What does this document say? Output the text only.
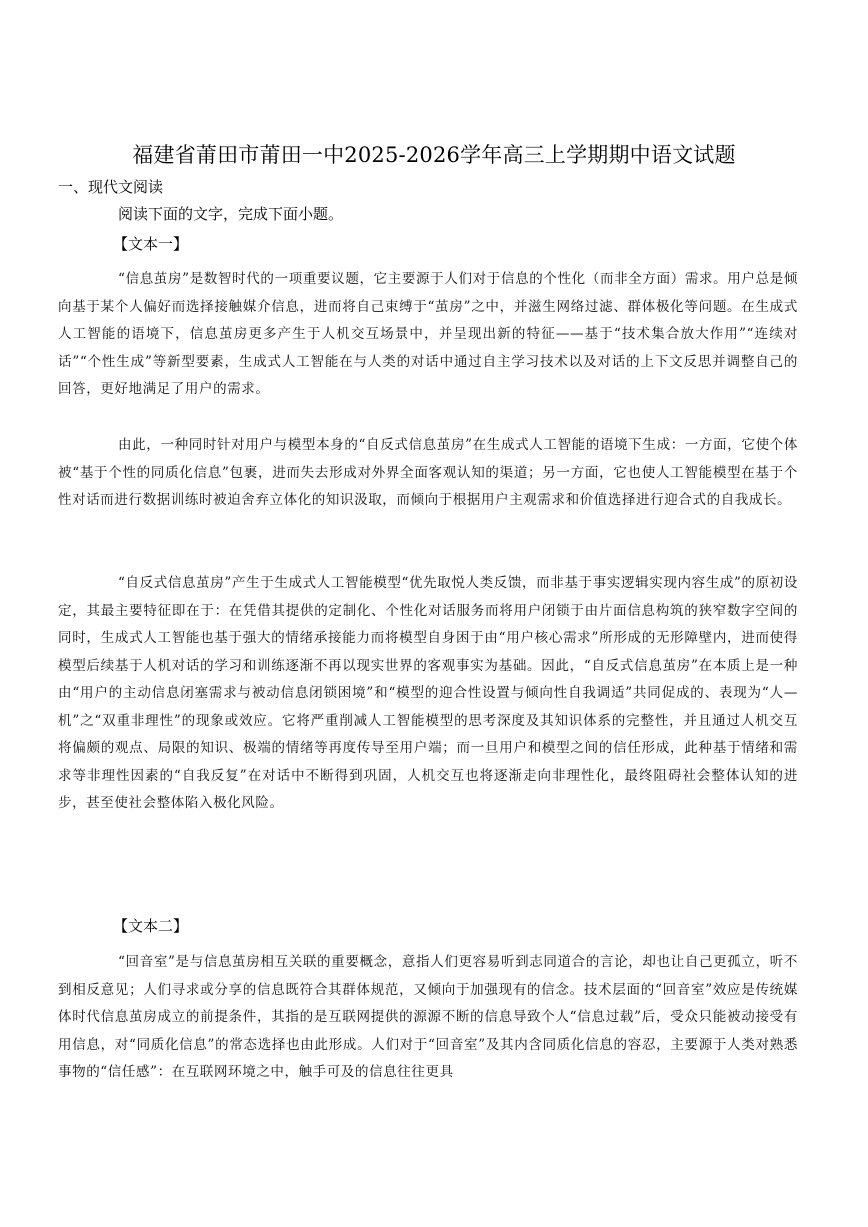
福建省莆田市莆田一中2025-2026学年高三上学期期中语文试题
一、现代文阅读
阅读下面的文字，完成下面小题。
【文本一】
“信息茧房”是数智时代的一项重要议题，它主要源于人们对于信息的个性化（而非全方面）需求。用户总是倾向基于某个人偏好而选择接触媒介信息，进而将自己束缚于“茧房”之中，并滋生网络过滤、群体极化等问题。在生成式人工智能的语境下，信息茧房更多产生于人机交互场景中，并呈现出新的特征——基于“技术集合放大作用”“连续对话”“个性生成”等新型要素，生成式人工智能在与人类的对话中通过自主学习技术以及对话的上下文反思并调整自己的回答，更好地满足了用户的需求。
由此，一种同时针对用户与模型本身的“自反式信息茧房”在生成式人工智能的语境下生成：一方面，它使个体被“基于个性的同质化信息”包裹，进而失去形成对外界全面客观认知的渠道；另一方面，它也使人工智能模型在基于个性对话而进行数据训练时被迫舍弃立体化的知识汲取，而倾向于根据用户主观需求和价值选择进行迎合式的自我成长。
“自反式信息茧房”产生于生成式人工智能模型“优先取悦人类反馈，而非基于事实逻辑实现内容生成”的原初设定，其最主要特征即在于：在凭借其提供的定制化、个性化对话服务而将用户闭锁于由片面信息构筑的狭窄数字空间的同时，生成式人工智能也基于强大的情绪承接能力而将模型自身困于由“用户核心需求”所形成的无形障壁内，进而使得模型后续基于人机对话的学习和训练逐渐不再以现实世界的客观事实为基础。因此，“自反式信息茧房”在本质上是一种由“用户的主动信息闭塞需求与被动信息闭锁困境”和“模型的迎合性设置与倾向性自我调适”共同促成的、表现为“人—机”之“双重非理性”的现象或效应。它将严重削减人工智能模型的思考深度及其知识体系的完整性，并且通过人机交互将偏颇的观点、局限的知识、极端的情绪等再度传导至用户端；而一旦用户和模型之间的信任形成，此种基于情绪和需求等非理性因素的“自我反复”在对话中不断得到巩固，人机交互也将逐渐走向非理性化，最终阻碍社会整体认知的进步，甚至使社会整体陷入极化风险。
【文本二】
“回音室”是与信息茧房相互关联的重要概念，意指人们更容易听到志同道合的言论，却也让自己更孤立，听不到相反意见；人们寻求或分享的信息既符合其群体规范，又倾向于加强现有的信念。技术层面的“回音室”效应是传统媒体时代信息茧房成立的前提条件，其指的是互联网提供的源源不断的信息导致个人“信息过载”后，受众只能被动接受有用信息，对“同质化信息”的常态选择也由此形成。人们对于“回音室”及其内含同质化信息的容忍，主要源于人类对熟悉事物的“信任感”：在互联网环境之中，触手可及的信息往往更具
